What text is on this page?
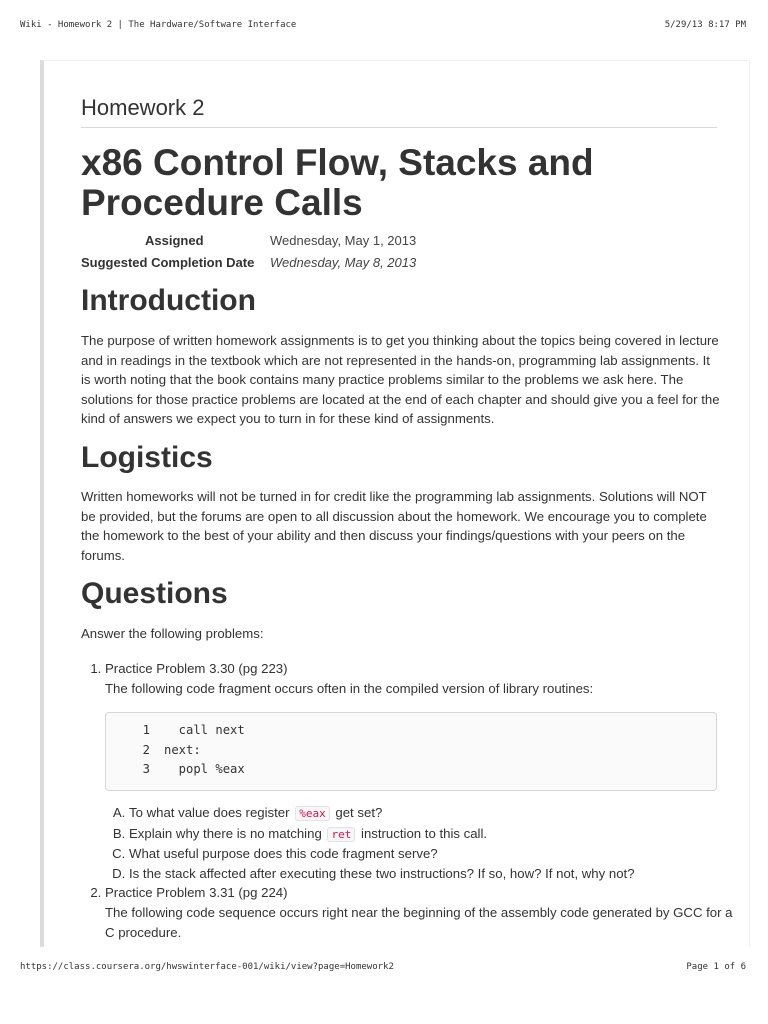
Wiki - Homework 2 | The Hardware/Software Interface	5/29/13 8:17 PM
Homework 2
x86 Control Flow, Stacks and Procedure Calls
Assigned	Wednesday, May 1, 2013
Suggested Completion Date Wednesday, May 8, 2013
Introduction

The purpose of written homework assignments is to get you thinking about the topics being covered in lecture and in readings in the textbook which are not represented in the hands-on, programming lab assignments. It is worth noting that the book contains many practice problems similar to the problems we ask here. The solutions for those practice problems are located at the end of each chapter and should give you a feel for the kind of answers we expect you to turn in for these kind of assignments.

Logistics

Written homeworks will not be turned in for credit like the programming lab assignments. Solutions will NOT be provided, but the forums are open to all discussion about the homework. We encourage you to complete the homework to the best of your ability and then discuss your findings/questions with your peers on the forums.

Questions

Answer the following problems:

1. Practice Problem 3.30 (pg 223)
The following code fragment occurs often in the compiled version of library routines:
1	call next
2	next:
3	popl %eax
A. To what value does register %eax get set?
B. Explain why there is no matching ret instruction to this call.
C. What useful purpose does this code fragment serve?
D. Is the stack affected after executing these two instructions? If so, how? If not, why not?
2. Practice Problem 3.31 (pg 224)
The following code sequence occurs right near the beginning of the assembly code generated by GCC for a C procedure.
https://class.coursera.org/hwswinterface-001/wiki/view?page=Homework2	Page 1 of 6
